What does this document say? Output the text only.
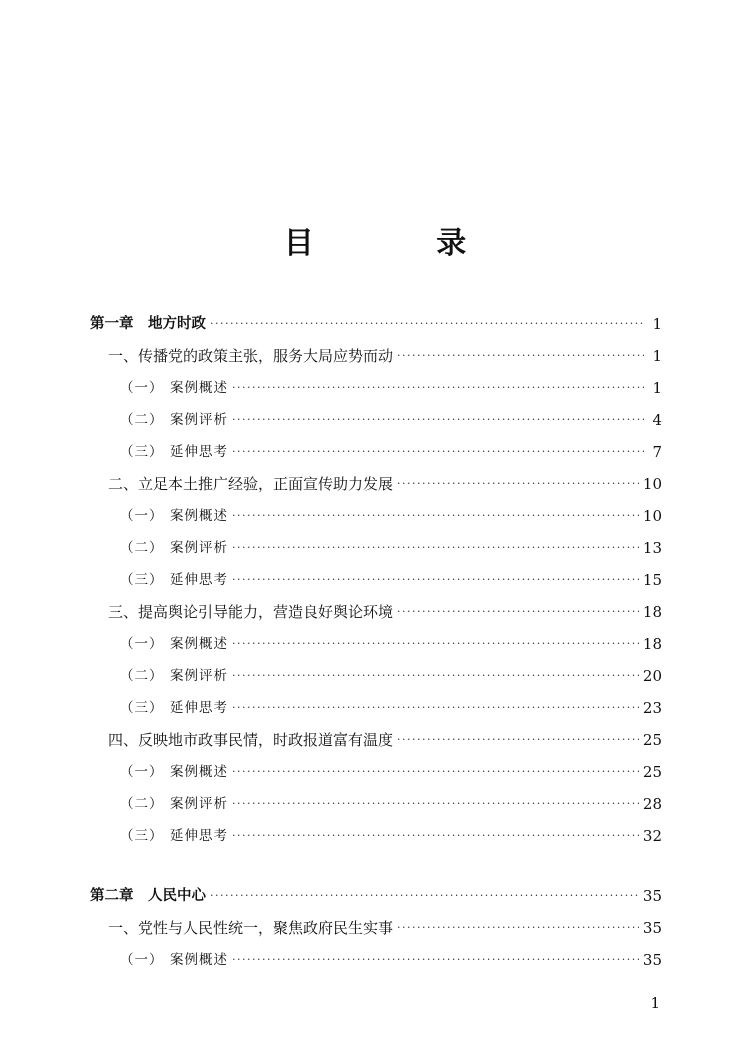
目 录
第一章　地方时政 ·····	1
一、传播党的政策主张，服务大局应势而动 ·····	1
（一） 案例概述 ·····	1
（二） 案例评析 ·····	4
（三） 延伸思考 ·····	7
二、立足本土推广经验，正面宣传助力发展 ·····	10
（一） 案例概述 ·····	10
（二） 案例评析 ·····	13
（三） 延伸思考 ·····	15
三、提高舆论引导能力，营造良好舆论环境 ·····	18
（一） 案例概述 ·····	18
（二） 案例评析 ·····	20
（三） 延伸思考 ·····	23
四、反映地市政事民情，时政报道富有温度 ·····	25
（一） 案例概述 ·····	25
（二） 案例评析 ·····	28
（三） 延伸思考 ·····	32
第二章　人民中心 ·····	35
一、党性与人民性统一，聚焦政府民生实事 ·····	35
（一） 案例概述 ·····	35
1
